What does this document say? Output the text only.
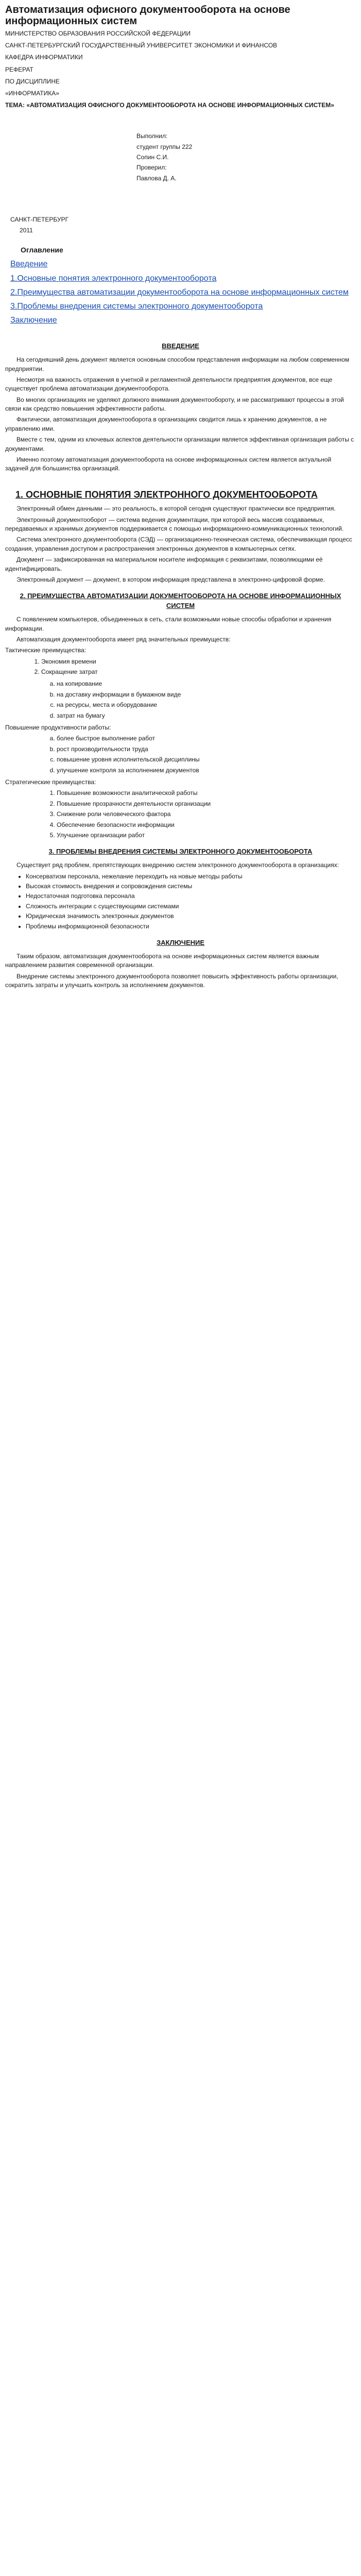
Автоматизация офисного документооборота на основе информационных систем

МИНИСТЕРСТВО ОБРАЗОВАНИЯ РОССИЙСКОЙ ФЕДЕРАЦИИ

САНКТ-ПЕТЕРБУРГСКИЙ ГОСУДАРСТВЕННЫЙ УНИВЕРСИТЕТ ЭКОНОМИКИ И ФИНАНСОВ

КАФЕДРА ИНФОРМАТИКИ

РЕФЕРАТ

ПО ДИСЦИПЛИНЕ

«ИНФОРМАТИКА»

ТЕМА: «АВТОМАТИЗАЦИЯ ОФИСНОГО ДОКУМЕНТООБОРОТА НА ОСНОВЕ ИНФОРМАЦИОННЫХ СИСТЕМ»

Выполнил:
студент группы 222
Сопин С.И.
Проверил:
Павлова Д. А.
САНКТ-ПЕТЕРБУРГ
2011
Оглавление
Введение
1.Основные понятия электронного документооборота
2.Преимущества автоматизации документооборота на основе информационных систем
3.Проблемы внедрения системы электронного документооборота
Заключение
ВВЕДЕНИЕ

На сегодняшний день документ является основным способом представления информации на любом современном предприятии.

Несмотря на важность отражения в учетной и регламентной деятельности предприятия документов, все еще существует проблема автоматизации документооборота.

Во многих организациях не уделяют должного внимания документообороту, и не рассматривают процессы в этой связи как средство повышения эффективности работы.

Фактически, автоматизация документооборота в организациях сводится лишь к хранению документов, а не управлению ими.

Вместе с тем, одним из ключевых аспектов деятельности организации является эффективная организация работы с документами.

Именно поэтому автоматизация документооборота на основе информационных систем является актуальной задачей для большинства организаций.

1. ОСНОВНЫЕ ПОНЯТИЯ ЭЛЕКТРОННОГО ДОКУМЕНТООБОРОТА

Электронный обмен данными — это реальность, в которой сегодня существуют практически все предприятия.

Электронный документооборот — система ведения документации, при которой весь массив создаваемых, передаваемых и хранимых документов поддерживается с помощью информационно-коммуникационных технологий.

Система электронного документооборота (СЭД) — организационно-техническая система, обеспечивающая процесс создания, управления доступом и распространения электронных документов в компьютерных сетях.

Документ — зафиксированная на материальном носителе информация с реквизитами, позволяющими её идентифицировать.

Электронный документ — документ, в котором информация представлена в электронно-цифровой форме.

2. ПРЕИМУЩЕСТВА АВТОМАТИЗАЦИИ ДОКУМЕНТООБОРОТА НА ОСНОВЕ ИНФОРМАЦИОННЫХ СИСТЕМ

С появлением компьютеров, объединенных в сеть, стали возможными новые способы обработки и хранения информации.

Автоматизация документооборота имеет ряд значительных преимуществ:

Тактические преимущества:

1. Экономия времени
2. Сокращение затрат
a. на копирование
b. на доставку информации в бумажном виде
c. на ресурсы, места и оборудование
d. затрат на бумагу

Повышение продуктивности работы:

a. более быстрое выполнение работ
b. рост производительности труда
c. повышение уровня исполнительской дисциплины
d. улучшение контроля за исполнением документов

Стратегические преимущества:

1. Повышение возможности аналитической работы
2. Повышение прозрачности деятельности организации
3. Снижение роли человеческого фактора
4. Обеспечение безопасности информации
5. Улучшение организации работ
3. ПРОБЛЕМЫ ВНЕДРЕНИЯ СИСТЕМЫ ЭЛЕКТРОННОГО ДОКУМЕНТООБОРОТА

Существует ряд проблем, препятствующих внедрению систем электронного документооборота в организациях:

• Консерватизм персонала, нежелание переходить на новые методы работы
• Высокая стоимость внедрения и сопровождения системы
• Недостаточная подготовка персонала
• Сложность интеграции с существующими системами
• Юридическая значимость электронных документов
• Проблемы информационной безопасности
ЗАКЛЮЧЕНИЕ

Таким образом, автоматизация документооборота на основе информационных систем является важным направлением развития современной организации.

Внедрение системы электронного документооборота позволяет повысить эффективность работы организации, сократить затраты и улучшить контроль за исполнением документов.
